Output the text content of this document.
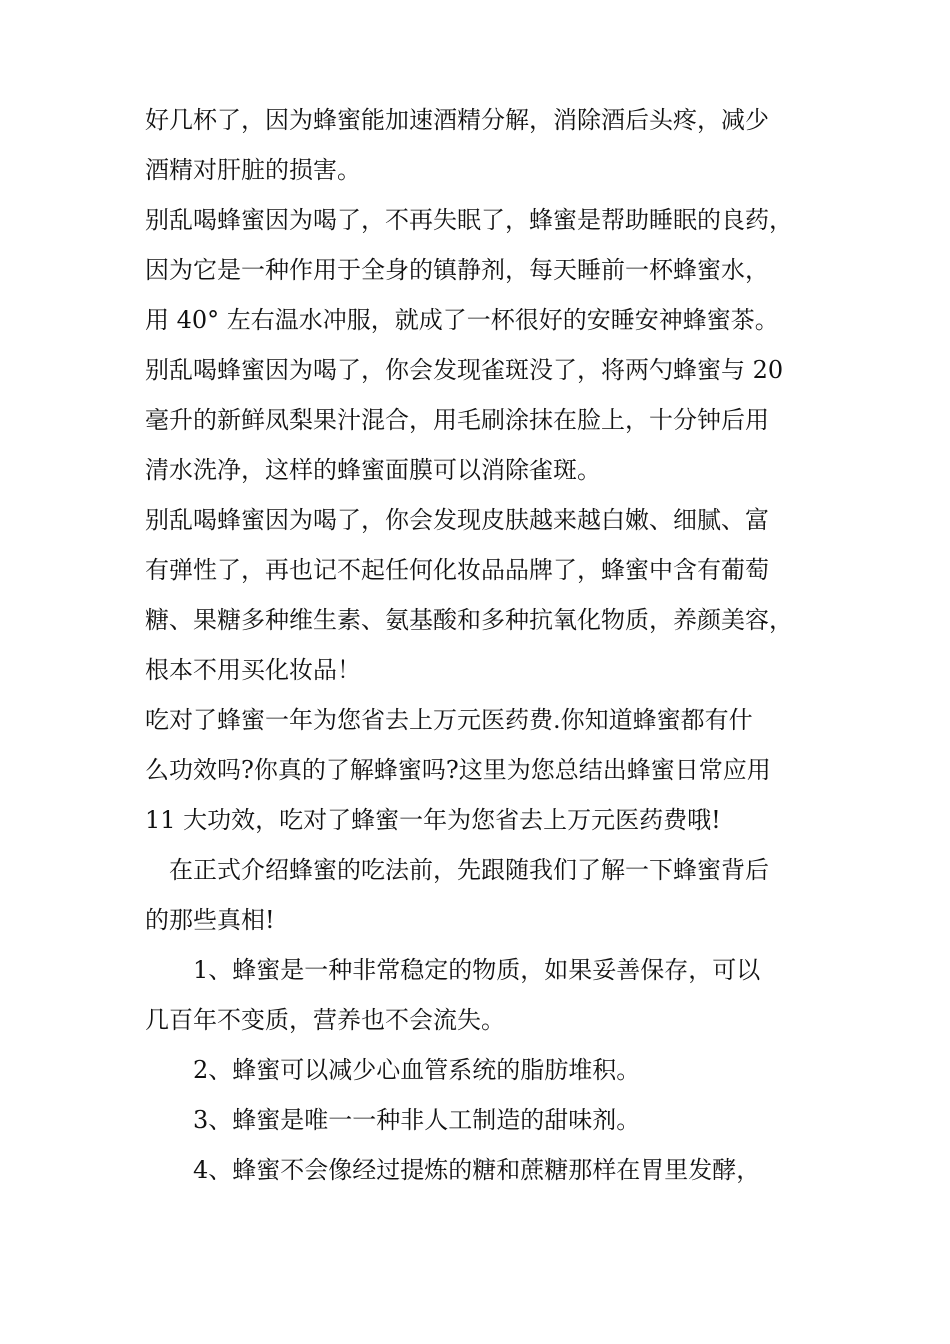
好几杯了，因为蜂蜜能加速酒精分解，消除酒后头疼，减少
酒精对肝脏的损害。
别乱喝蜂蜜因为喝了，不再失眠了，蜂蜜是帮助睡眠的良药，
因为它是一种作用于全身的镇静剂，每天睡前一杯蜂蜜水，
用 40° 左右温水冲服，就成了一杯很好的安睡安神蜂蜜茶。
别乱喝蜂蜜因为喝了，你会发现雀斑没了，将两勺蜂蜜与 20
毫升的新鲜凤梨果汁混合，用毛刷涂抹在脸上，十分钟后用
清水洗净，这样的蜂蜜面膜可以消除雀斑。
别乱喝蜂蜜因为喝了，你会发现皮肤越来越白嫩、细腻、富
有弹性了，再也记不起任何化妆品品牌了，蜂蜜中含有葡萄
糖、果糖多种维生素、氨基酸和多种抗氧化物质，养颜美容，
根本不用买化妆品！
吃对了蜂蜜一年为您省去上万元医药费.你知道蜂蜜都有什
么功效吗?你真的了解蜂蜜吗?这里为您总结出蜂蜜日常应用
11 大功效，吃对了蜂蜜一年为您省去上万元医药费哦!
在正式介绍蜂蜜的吃法前，先跟随我们了解一下蜂蜜背后
的那些真相!
1、蜂蜜是一种非常稳定的物质，如果妥善保存，可以
几百年不变质，营养也不会流失。
2、蜂蜜可以减少心血管系统的脂肪堆积。
3、蜂蜜是唯一一种非人工制造的甜味剂。
4、蜂蜜不会像经过提炼的糖和蔗糖那样在胃里发酵，
